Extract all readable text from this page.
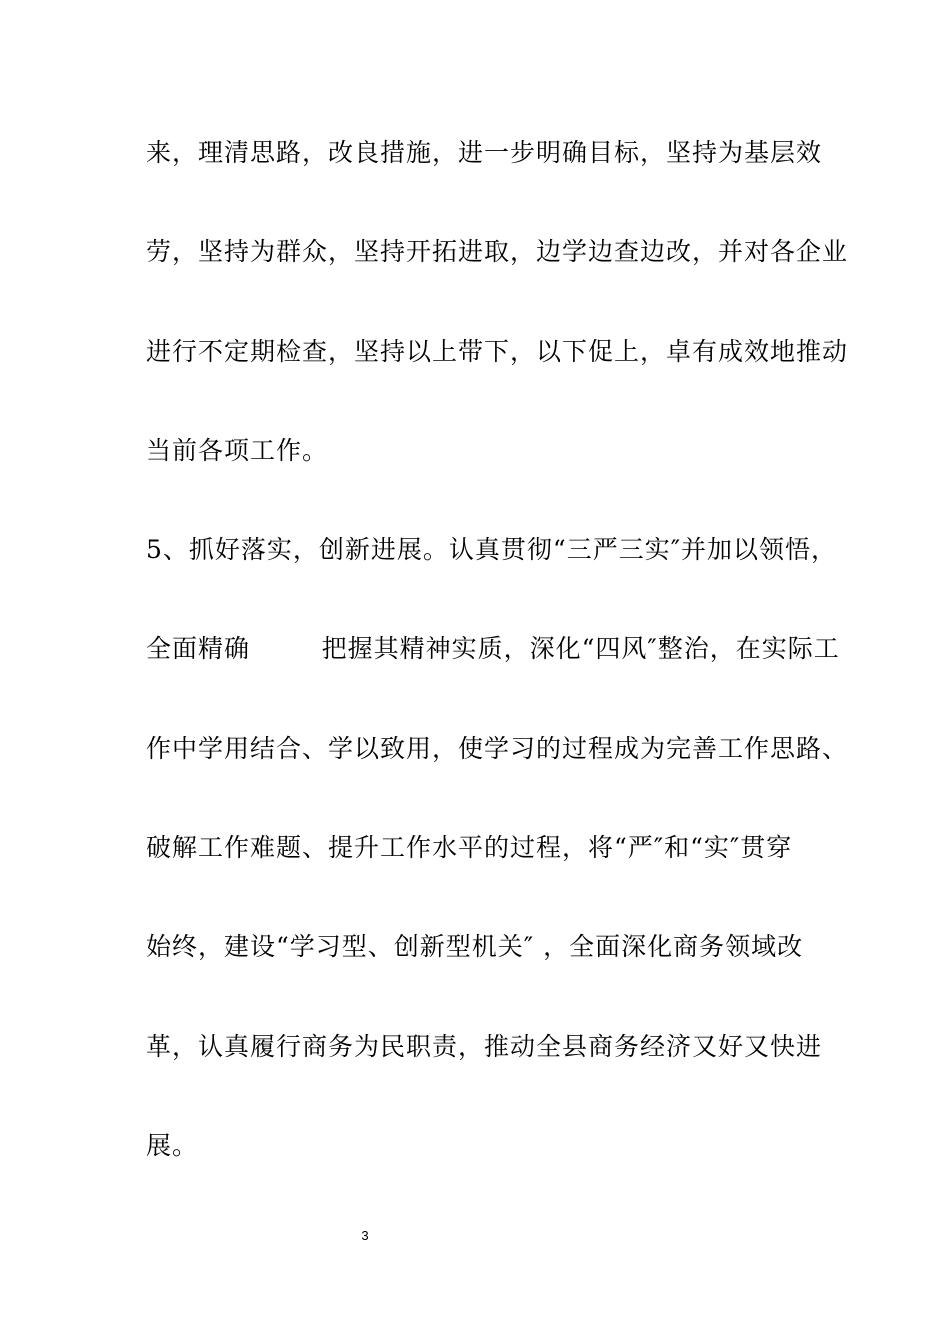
来，理清思路，改良措施，进一步明确目标，坚持为基层效
劳，坚持为群众，坚持开拓进取，边学边查边改，并对各企业
进行不定期检查，坚持以上带下，以下促上，卓有成效地推动
当前各项工作。
5、抓好落实，创新进展。认真贯彻“三严三实″并加以领悟，
全面精确        把握其精神实质，深化“四风″整治，在实际工
作中学用结合、学以致用，使学习的过程成为完善工作思路、
破解工作难题、提升工作水平的过程，将“严″和“实″贯穿
始终，建设“学习型、创新型机关″ ，全面深化商务领域改
革，认真履行商务为民职责，推动全县商务经济又好又快进
展。
3
